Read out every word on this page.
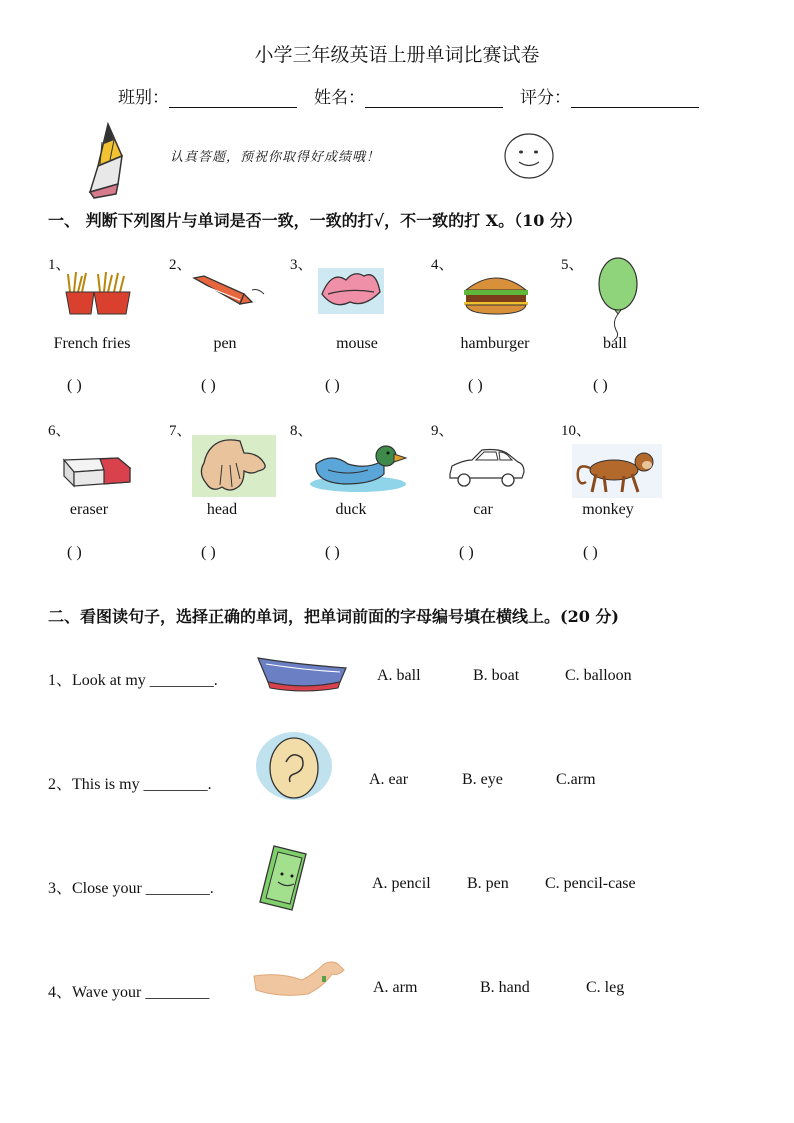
小学三年级英语上册单词比赛试卷
班别：	姓名：	评分：
认真答题，预祝你取得好成绩哦！
一、 判断下列图片与单词是否一致，一致的打√，不一致的打 X。（10 分）
1、	2、	3、	4、	5、
French fries	pen	mouse	hamburger	ball
( )	( )	( )	( )	( )
6、	7、	8、	9、	10、
eraser	head	duck	car	monkey
( )	( )	( )	( )	( )
二、看图读句子，选择正确的单词，把单词前面的字母编号填在横线上。(20 分)
1、Look at my ________.	A. ball	B. boat	C. balloon
2、This is my ________.	A. ear	B. eye	C.arm
3、Close your ________.	A. pencil B. pen C. pencil-case
4、Wave your ________	A. arm	B. hand	C. leg
